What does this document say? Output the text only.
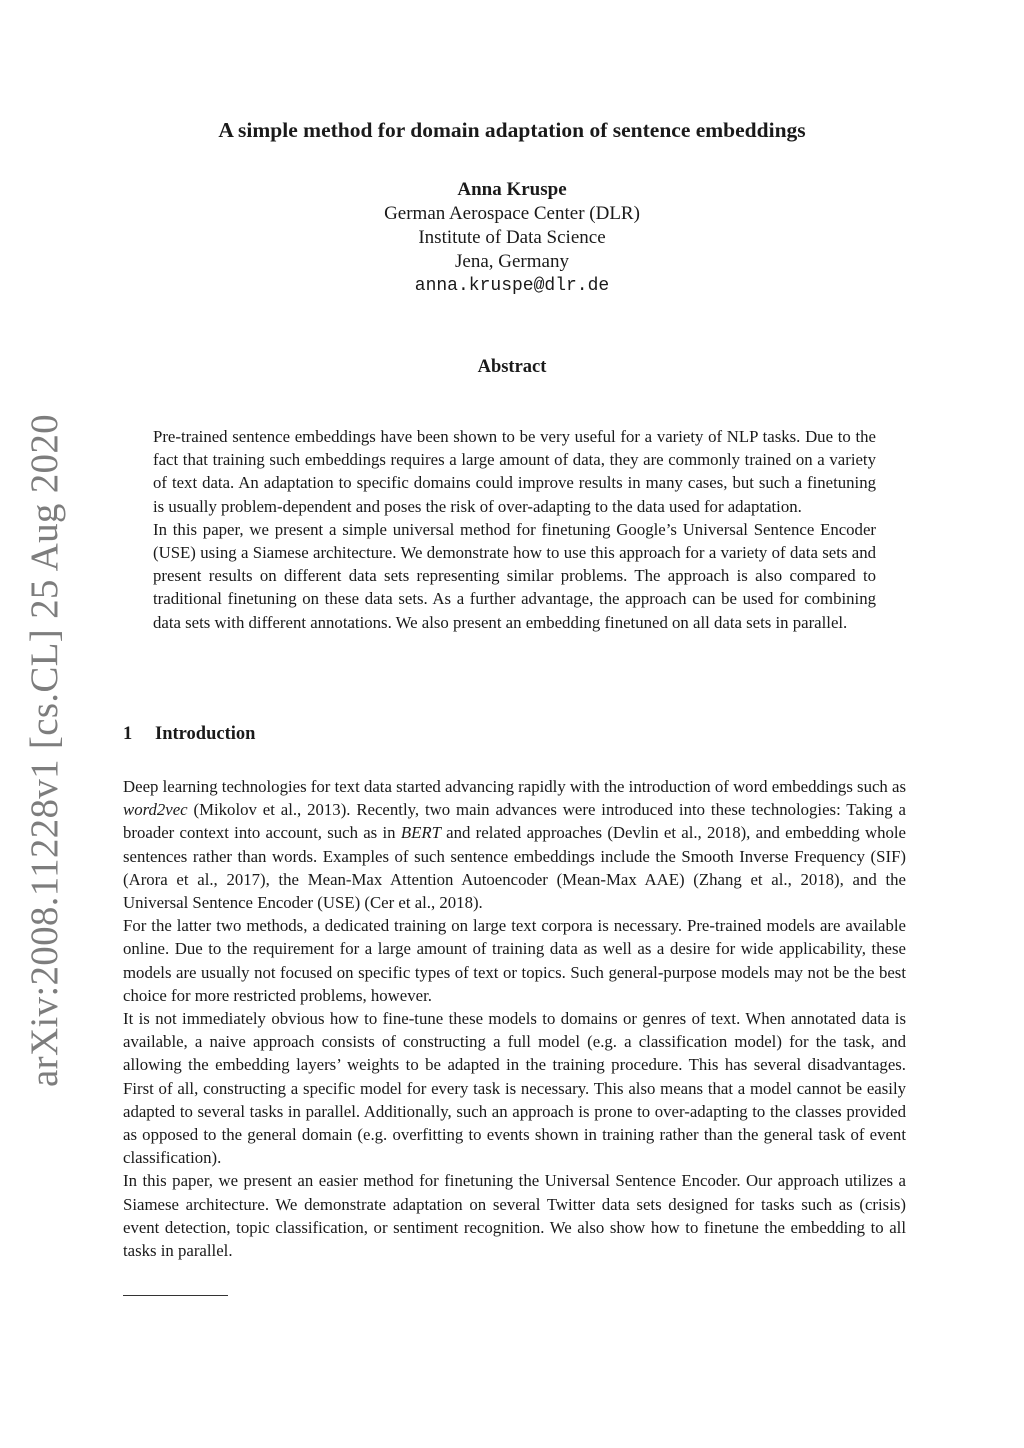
arXiv:2008.11228v1 [cs.CL] 25 Aug 2020
A simple method for domain adaptation of sentence embeddings
Anna Kruspe
German Aerospace Center (DLR)
Institute of Data Science
Jena, Germany
anna.kruspe@dlr.de
Abstract

Pre-trained sentence embeddings have been shown to be very useful for a variety of NLP tasks. Due to the fact that training such embeddings requires a large amount of data, they are commonly trained on a variety of text data. An adaptation to specific domains could improve results in many cases, but such a finetuning is usually problem-dependent and poses the risk of over-adapting to the data used for adaptation.

In this paper, we present a simple universal method for finetuning Google’s Universal Sentence Encoder (USE) using a Siamese architecture. We demonstrate how to use this approach for a variety of data sets and present results on different data sets representing similar problems. The approach is also compared to traditional finetuning on these data sets. As a further advantage, the approach can be used for combining data sets with different annotations. We also present an embedding finetuned on all data sets in parallel.

1 Introduction

Deep learning technologies for text data started advancing rapidly with the introduction of word embeddings such as word2vec (Mikolov et al., 2013). Recently, two main advances were introduced into these technologies: Taking a broader context into account, such as in BERT and related approaches (Devlin et al., 2018), and embedding whole sentences rather than words. Examples of such sentence embeddings include the Smooth Inverse Frequency (SIF) (Arora et al., 2017), the Mean-Max Attention Autoencoder (Mean-Max AAE) (Zhang et al., 2018), and the Universal Sentence Encoder (USE) (Cer et al., 2018).

For the latter two methods, a dedicated training on large text corpora is necessary. Pre-trained models are available online. Due to the requirement for a large amount of training data as well as a desire for wide applicability, these models are usually not focused on specific types of text or topics. Such general-purpose models may not be the best choice for more restricted problems, however.

It is not immediately obvious how to fine-tune these models to domains or genres of text. When annotated data is available, a naive approach consists of constructing a full model (e.g. a classification model) for the task, and allowing the embedding layers’ weights to be adapted in the training procedure. This has several disadvantages. First of all, constructing a specific model for every task is necessary. This also means that a model cannot be easily adapted to several tasks in parallel. Additionally, such an approach is prone to over-adapting to the classes provided as opposed to the general domain (e.g. overfitting to events shown in training rather than the general task of event classification).

In this paper, we present an easier method for finetuning the Universal Sentence Encoder. Our approach utilizes a Siamese architecture. We demonstrate adaptation on several Twitter data sets designed for tasks such as (crisis) event detection, topic classification, or sentiment recognition. We also show how to finetune the embedding to all tasks in parallel.
